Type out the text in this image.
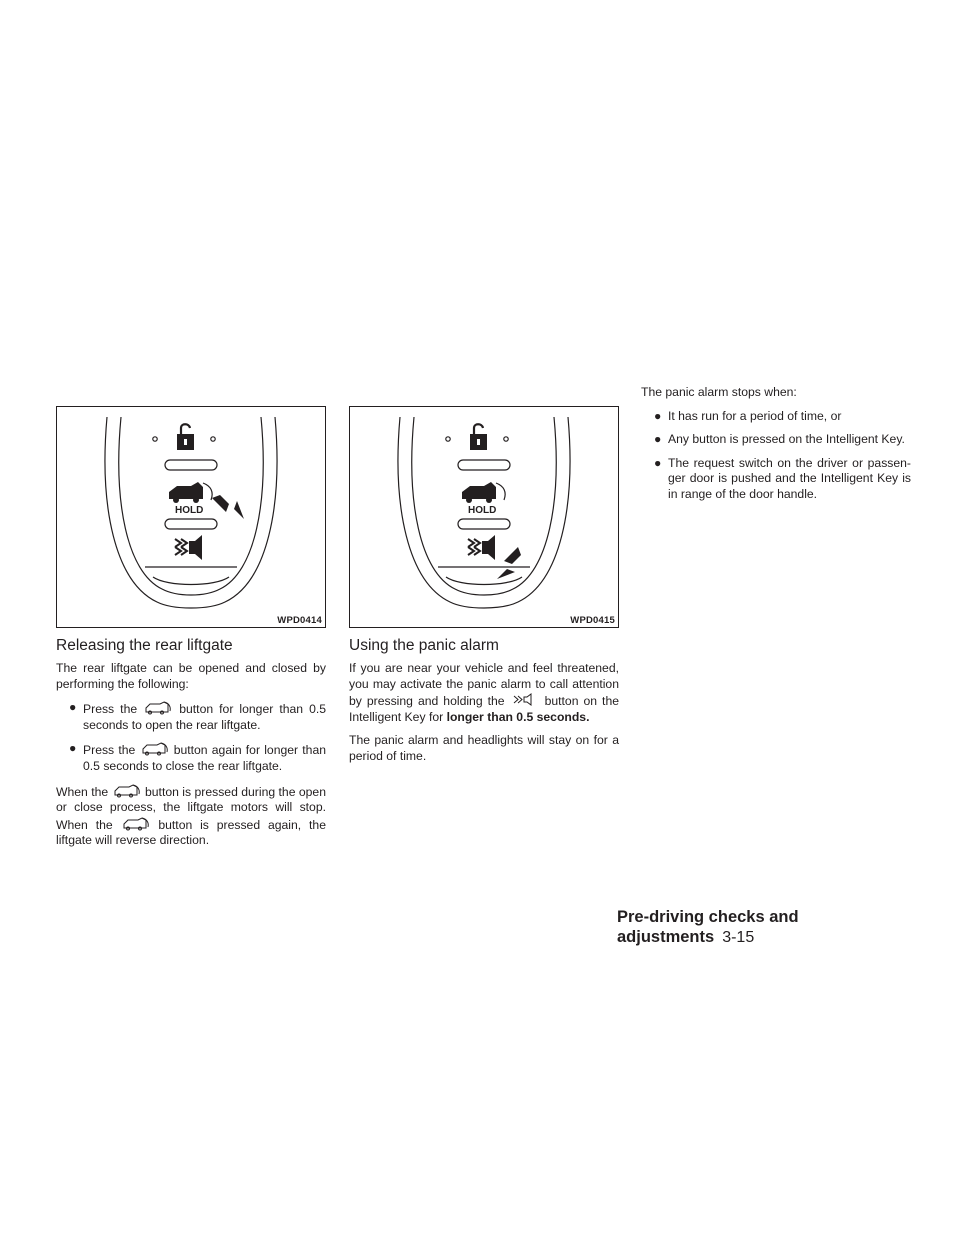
HOLD
WPD0414
Releasing the rear liftgate

The rear liftgate can be opened and closed by performing the following:

● Press the	button for longer than 0.5 seconds to open the rear liftgate.
● Press the	button again for longer than 0.5 seconds to close the rear liftgate.

When the	button is pressed during the open or close process, the liftgate motors will stop. When the	button is pressed again, the liftgate will reverse direction.

HOLD
WPD0415
Using the panic alarm

If you are near your vehicle and feel threatened, you may activate the panic alarm to call attention by pressing and holding the	button on the Intelligent Key for longer than 0.5 seconds.

The panic alarm and headlights will stay on for a period of time.

The panic alarm stops when:

● It has run for a period of time, or
● Any button is pressed on the Intelligent Key.
● The request switch on the driver or passen- ger door is pushed and the Intelligent Key is in range of the door handle.
Pre-driving checks and adjustments 3-15
